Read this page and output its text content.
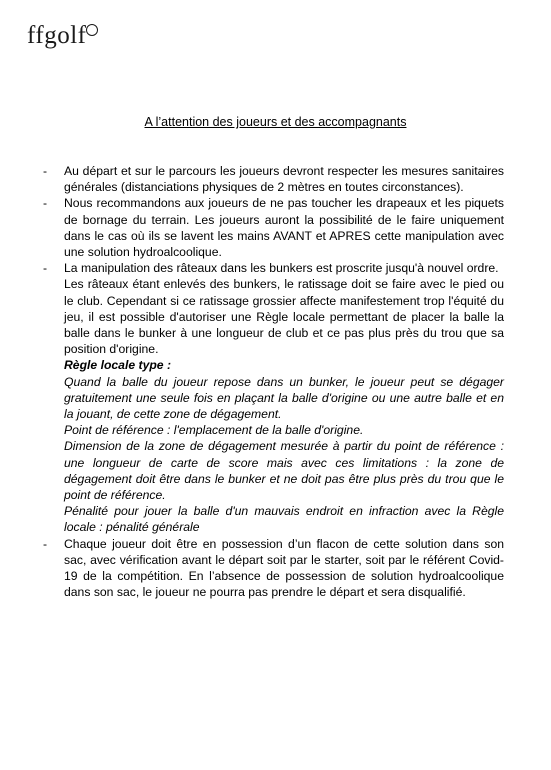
ffgolf
A l’attention des joueurs et des accompagnants
- Au départ et sur le parcours les joueurs devront respecter les mesures sanitaires générales (distanciations physiques de 2 mètres en toutes circonstances).

- Nous recommandons aux joueurs de ne pas toucher les drapeaux et les piquets de bornage du terrain. Les joueurs auront la possibilité de le faire uniquement dans le cas où ils se lavent les mains AVANT et APRES cette manipulation avec une solution hydroalcoolique.

- La manipulation des râteaux dans les bunkers est proscrite jusqu'à nouvel ordre.

Les râteaux étant enlevés des bunkers, le ratissage doit se faire avec le pied ou le club. Cependant si ce ratissage grossier affecte manifestement trop l'équité du jeu, il est possible d'autoriser une Règle locale permettant de placer la balle la balle dans le bunker à une longueur de club et ce pas plus près du trou que sa position d'origine.

Règle locale type :

Quand la balle du joueur repose dans un bunker, le joueur peut se dégager gratuitement une seule fois en plaçant la balle d'origine ou une autre balle et en la jouant, de cette zone de dégagement.

Point de référence : l'emplacement de la balle d'origine.

Dimension de la zone de dégagement mesurée à partir du point de référence : une longueur de carte de score mais avec ces limitations : la zone de dégagement doit être dans le bunker et ne doit pas être plus près du trou que le point de référence.

Pénalité pour jouer la balle d'un mauvais endroit en infraction avec la Règle locale : pénalité générale

- Chaque joueur doit être en possession d’un flacon de cette solution dans son sac, avec vérification avant le départ soit par le starter, soit par le référent Covid-19 de la compétition. En l’absence de possession de solution hydroalcoolique dans son sac, le joueur ne pourra pas prendre le départ et sera disqualifié.
